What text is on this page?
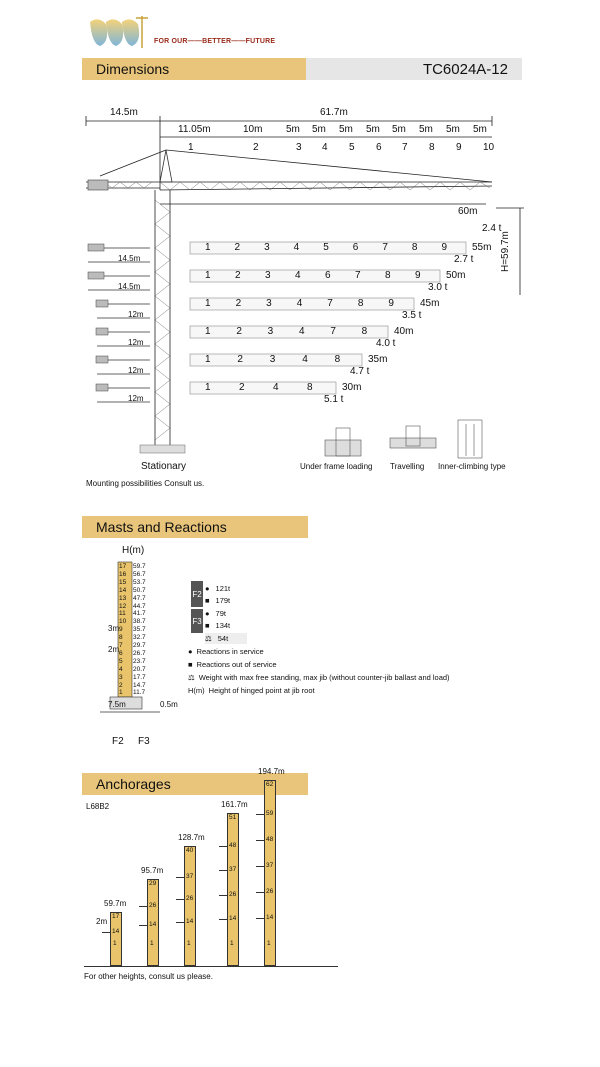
FOR OUR——BETTER——FUTURE
Dimensions	TC6024A-12
14.5m	61.7m
11.05m	10m 5m 5m 5m 5m 5m 5m 5m 5m
1	2	3 4 5 6 7 8 9 10
60m
2.4 t
H=59.7m
14.5m
1 2 3 4 5 6 7 8 9	55m
2.7 t
14.5m
1 2 3 4 6 7 8 9	50m
3.0 t
12m
1	2	3	4	7	8	9	45m
3.5 t
12m
1	2	3	4	7	8	40m
4.0 t
12m
1	2	3	4	8	35m
4.7 t
12m
1	2	4	8	30m
5.1 t
Stationary
Mounting possibilities Consult us.
Under frame loading Travelling Inner-climbing type
Masts and Reactions
H(m)
17 59.7
16 56.7
15 53.7
14 50.7
13 47.7
12 44.7
11 41.7
10 38.7
9 35.7
8 32.7
7 29.7
6 26.7
5 23.7
4 20.7
3 17.7
2 14.7
1 11.7
7.5m	0.5m
3m
2m
F2 F3
F2
F3
● 121t
■ 179t
● 79t
■ 134t
⚖ 54t
● Reactions in service
■ Reactions out of service
⚖ Weight with max free standing, max jib (without counter-jib ballast and load)
H(m) Height of hinged point at jib root
Anchorages
L68B2
2m
59.7m
17
14
1
95.7m
29
26
14
1
128.7m
40
37
26
14
1
161.7m
51
48
37
26
14
1
194.7m
62
59
48
37
26
14
1
For other heights, consult us please.
